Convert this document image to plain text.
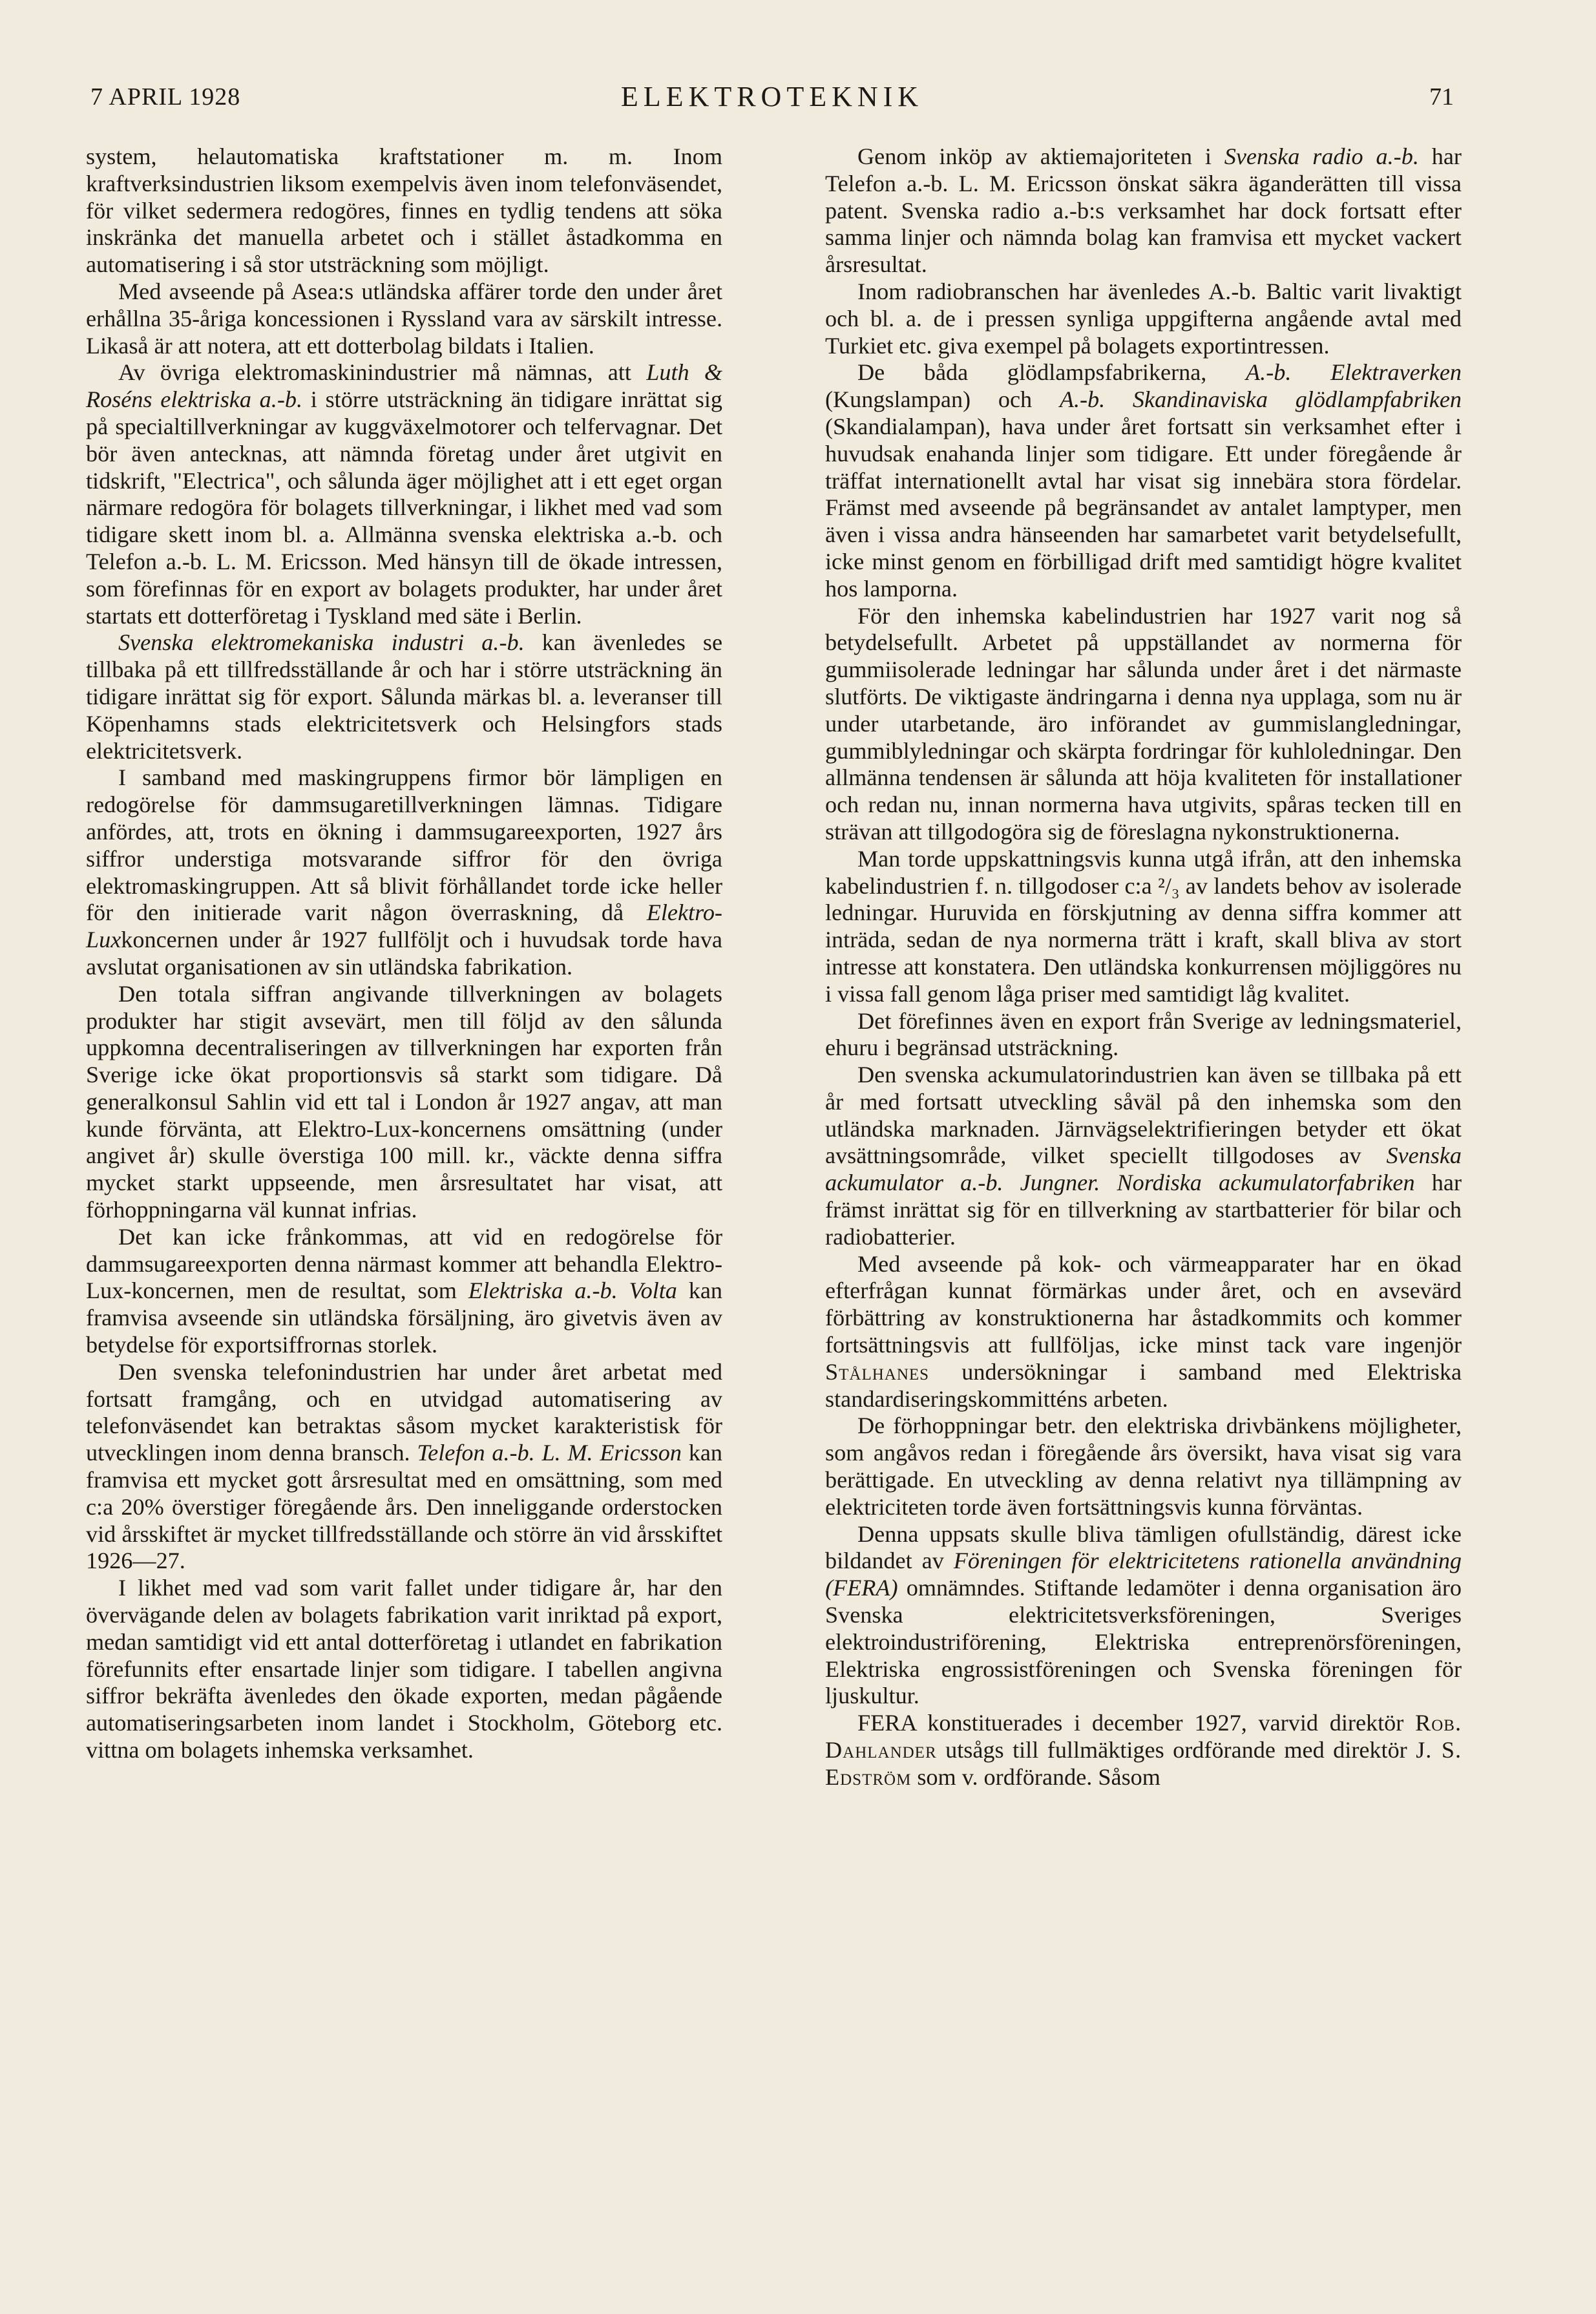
7 APRIL 1928	ELEKTROTEKNIK	71

system, helautomatiska kraftstationer m. m. Inom kraftverksindustrien liksom exempelvis även inom telefonväsendet, för vilket sedermera redogöres, finnes en tydlig tendens att söka inskränka det manuella arbetet och i stället åstadkomma en automatisering i så stor utsträckning som möjligt.

Med avseende på Asea:s utländska affärer torde den under året erhållna 35-åriga koncessionen i Ryssland vara av särskilt intresse. Likaså är att notera, att ett dotterbolag bildats i Italien.

Av övriga elektromaskinindustrier må nämnas, att Luth & Roséns elektriska a.-b. i större utsträckning än tidigare inrättat sig på specialtillverkningar av kuggväxelmotorer och telfervagnar. Det bör även antecknas, att nämnda företag under året utgivit en tidskrift, "Electrica", och sålunda äger möjlighet att i ett eget organ närmare redogöra för bolagets tillverkningar, i likhet med vad som tidigare skett inom bl. a. Allmänna svenska elektriska a.-b. och Telefon a.-b. L. M. Ericsson. Med hänsyn till de ökade intressen, som förefinnas för en export av bolagets produkter, har under året startats ett dotterföretag i Tyskland med säte i Berlin.

Svenska elektromekaniska industri a.-b. kan ävenledes se tillbaka på ett tillfredsställande år och har i större utsträckning än tidigare inrättat sig för export. Sålunda märkas bl. a. leveranser till Köpenhamns stads elektricitetsverk och Helsingfors stads elektricitetsverk.

I samband med maskingruppens firmor bör lämpligen en redogörelse för dammsugaretillverkningen lämnas. Tidigare anfördes, att, trots en ökning i dammsugareexporten, 1927 års siffror understiga motsvarande siffror för den övriga elektromaskingruppen. Att så blivit förhållandet torde icke heller för den initierade varit någon överraskning, då Elektro-Luxkoncernen under år 1927 fullföljt och i huvudsak torde hava avslutat organisationen av sin utländska fabrikation.

Den totala siffran angivande tillverkningen av bolagets produkter har stigit avsevärt, men till följd av den sålunda uppkomna decentraliseringen av tillverkningen har exporten från Sverige icke ökat proportionsvis så starkt som tidigare. Då generalkonsul Sahlin vid ett tal i London år 1927 angav, att man kunde förvänta, att Elektro-Lux-koncernens omsättning (under angivet år) skulle överstiga 100 mill. kr., väckte denna siffra mycket starkt uppseende, men årsresultatet har visat, att förhoppningarna väl kunnat infrias.

Det kan icke frånkommas, att vid en redogörelse för dammsugareexporten denna närmast kommer att behandla Elektro-Lux-koncernen, men de resultat, som Elektriska a.-b. Volta kan framvisa avseende sin utländska försäljning, äro givetvis även av betydelse för exportsiffrornas storlek.

Den svenska telefonindustrien har under året arbetat med fortsatt framgång, och en utvidgad automatisering av telefonväsendet kan betraktas såsom mycket karakteristisk för utvecklingen inom denna bransch. Telefon a.-b. L. M. Ericsson kan framvisa ett mycket gott årsresultat med en omsättning, som med c:a 20% överstiger föregående års. Den inneliggande orderstocken vid årsskiftet är mycket tillfredsställande och större än vid årsskiftet 1926—27.

I likhet med vad som varit fallet under tidigare år, har den övervägande delen av bolagets fabrikation varit inriktad på export, medan samtidigt vid ett antal dotterföretag i utlandet en fabrikation förefunnits efter ensartade linjer som tidigare. I tabellen angivna siffror bekräfta ävenledes den ökade exporten, medan pågående automatiseringsarbeten inom landet i Stockholm, Göteborg etc. vittna om bolagets inhemska verksamhet.

Genom inköp av aktiemajoriteten i Svenska radio a.-b. har Telefon a.-b. L. M. Ericsson önskat säkra äganderätten till vissa patent. Svenska radio a.-b:s verksamhet har dock fortsatt efter samma linjer och nämnda bolag kan framvisa ett mycket vackert årsresultat.

Inom radiobranschen har ävenledes A.-b. Baltic varit livaktigt och bl. a. de i pressen synliga uppgifterna angående avtal med Turkiet etc. giva exempel på bolagets exportintressen.

De båda glödlampsfabrikerna, A.-b. Elektraverken (Kungslampan) och A.-b. Skandinaviska glödlampfabriken (Skandialampan), hava under året fortsatt sin verksamhet efter i huvudsak enahanda linjer som tidigare. Ett under föregående år träffat internationellt avtal har visat sig innebära stora fördelar. Främst med avseende på begränsandet av antalet lamptyper, men även i vissa andra hänseenden har samarbetet varit betydelsefullt, icke minst genom en förbilligad drift med samtidigt högre kvalitet hos lamporna.

För den inhemska kabelindustrien har 1927 varit nog så betydelsefullt. Arbetet på uppställandet av normerna för gummiisolerade ledningar har sålunda under året i det närmaste slutförts. De viktigaste ändringarna i denna nya upplaga, som nu är under utarbetande, äro införandet av gummislangledningar, gummiblyledningar och skärpta fordringar för kuhloledningar. Den allmänna tendensen är sålunda att höja kvaliteten för installationer och redan nu, innan normerna hava utgivits, spåras tecken till en strävan att tillgodogöra sig de föreslagna nykonstruktionerna.

Man torde uppskattningsvis kunna utgå ifrån, att den inhemska kabelindustrien f. n. tillgodoser c:a ²/₃ av landets behov av isolerade ledningar. Huruvida en förskjutning av denna siffra kommer att inträda, sedan de nya normerna trätt i kraft, skall bliva av stort intresse att konstatera. Den utländska konkurrensen möjliggöres nu i vissa fall genom låga priser med samtidigt låg kvalitet.

Det förefinnes även en export från Sverige av ledningsmateriel, ehuru i begränsad utsträckning.

Den svenska ackumulatorindustrien kan även se tillbaka på ett år med fortsatt utveckling såväl på den inhemska som den utländska marknaden. Järnvägselektrifieringen betyder ett ökat avsättningsområde, vilket speciellt tillgodoses av Svenska ackumulator a.-b. Jungner. Nordiska ackumulatorfabriken har främst inrättat sig för en tillverkning av startbatterier för bilar och radiobatterier.

Med avseende på kok- och värmeapparater har en ökad efterfrågan kunnat förmärkas under året, och en avsevärd förbättring av konstruktionerna har åstadkommits och kommer fortsättningsvis att fullföljas, icke minst tack vare ingenjör Stålhanes undersökningar i samband med Elektriska standardiseringskommitténs arbeten.

De förhoppningar betr. den elektriska drivbänkens möjligheter, som angåvos redan i föregående års översikt, hava visat sig vara berättigade. En utveckling av denna relativt nya tillämpning av elektriciteten torde även fortsättningsvis kunna förväntas.

Denna uppsats skulle bliva tämligen ofullständig, därest icke bildandet av Föreningen för elektricitetens rationella användning (FERA) omnämndes. Stiftande ledamöter i denna organisation äro Svenska elektricitetsverksföreningen, Sveriges elektroindustriförening, Elektriska entreprenörsföreningen, Elektriska engrossistföreningen och Svenska föreningen för ljuskultur.

FERA konstituerades i december 1927, varvid direktör Rob. Dahlander utsågs till fullmäktiges ordförande med direktör J. S. Edström som v. ordförande. Såsom
